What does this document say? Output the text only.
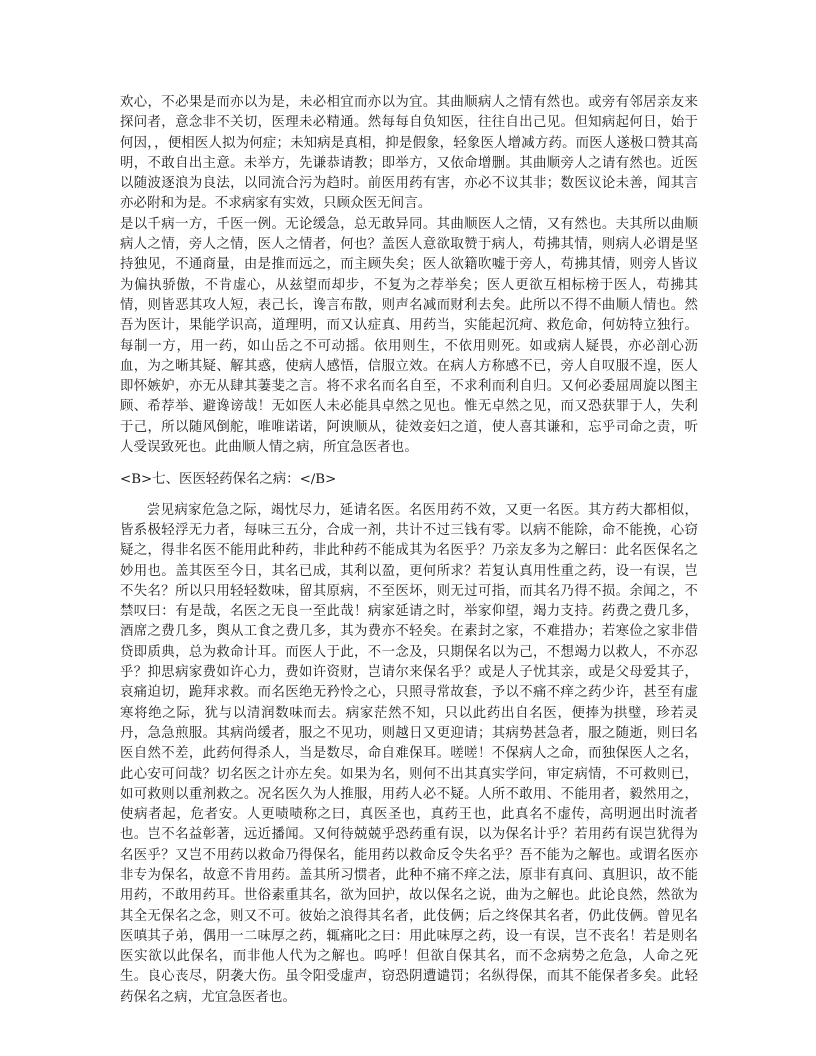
欢心，不必果是而亦以为是，未必相宜而亦以为宜。其曲顺病人之情有然也。或旁有邻居亲友来探问者，意念非不关切，医理未必精通。然每每自负知医，往往自出己见。但知病起何日，始于何因，，便相医人拟为何症；未知病是真相，抑是假象，轻象医人增减方药。而医人遂极口赞其高明，不敢自出主意。未举方，先谦恭请教；即举方，又依命增删。其曲顺旁人之请有然也。近医以随波逐浪为良法，以同流合污为趋时。前医用药有害，亦必不议其非；数医议论未善，闻其言亦必附和为是。不求病家有实效，只顾众医无间言。

是以千病一方，千医一例。无论缓急，总无敢异同。其曲顺医人之情，又有然也。夫其所以曲顺病人之情，旁人之情，医人之情者，何也？盖医人意欲取赞于病人，苟拂其情，则病人必谓是坚持独见，不通商量，由是推而远之，而主顾失矣；医人欲籍吹嘘于旁人，苟拂其情，则旁人皆议为偏执骄傲，不肯虚心，从兹望而却步，不复为之荐举矣；医人更欲互相标榜于医人，苟拂其情，则皆恶其攻人短，表己长，谗言布散，则声名减而财利去矣。此所以不得不曲顺人情也。然吾为医计，果能学识高，道理明，而又认症真、用药当，实能起沉疴、救危命，何妨特立独行。每制一方，用一药，如山岳之不可动摇。依用则生，不依用则死。如或病人疑畏，亦必剖心沥血，为之晰其疑、解其惑，使病人感悟，信服立效。在病人方称感不已，旁人自叹服不遑，医人即怀嫉妒，亦无从肆其萋斐之言。将不求名而名自至，不求利而利自归。又何必委屈周旋以图主顾、希荐举、避谗谤哉！无如医人未必能具卓然之见也。惟无卓然之见，而又恐获罪于人，失利于己，所以随风倒舵，唯唯诺诺，阿谀顺从，徒效妾妇之道，使人喜其谦和，忘乎司命之责，听人受误致死也。此曲顺人情之病，所宜急医者也。

<B>七、医医轻药保名之病：</B>

尝见病家危急之际，竭忱尽力，延请名医。名医用药不效，又更一名医。其方药大都相似，皆系极轻浮无力者，每味三五分，合成一剂，共计不过三钱有零。以病不能除，命不能挽，心窃疑之，得非名医不能用此种药，非此种药不能成其为名医乎？乃亲友多为之解曰：此名医保名之妙用也。盖其医至今日，其名已成，其利以盈，更何所求？若复认真用性重之药，设一有误，岂不失名？所以只用轻轻数味，留其原病，不至医坏，则无过可指，而其名乃得不损。余闻之，不禁叹曰：有是哉，名医之无良一至此哉！病家延请之时，举家仰望，竭力支持。药费之费几多，酒席之费几多，舆从工食之费几多，其为费亦不轻矣。在素封之家，不难措办；若寒俭之家非借贷即质典，总为救命计耳。而医人于此，不一念及，只期保名以为己，不想竭力以救人，不亦忍乎？抑思病家费如许心力，费如许资财，岂请尔来保名乎？或是人子忧其亲，或是父母爱其子，哀痛迫切，跪拜求救。而名医绝无矜怜之心，只照寻常故套，予以不痛不痒之药少许，甚至有虚寒将绝之际，犹与以清润数味而去。病家茫然不知，只以此药出自名医，便捧为拱璧，珍若灵丹，急急煎服。其病尚缓者，服之不见功，则越日又更迎请；其病势甚急者，服之随逝，则曰名医自然不差，此药何得杀人，当是数尽，命自难保耳。嗟嗟！不保病人之命，而独保医人之名，此心安可问哉？切名医之计亦左矣。如果为名，则何不出其真实学问，审定病情，不可救则已，如可救则以重剂救之。况名医久为人推服，用药人必不疑。人所不敢用、不能用者，毅然用之，使病者起，危者安。人更啧啧称之曰，真医圣也，真药王也，此真名不虚传，高明迥出时流者也。岂不名益彰著，远近播闻。又何待兢兢乎恐药重有误，以为保名计乎？若用药有误岂犹得为名医乎？又岂不用药以救命乃得保名，能用药以救命反令失名乎？吾不能为之解也。或谓名医亦非专为保名，故意不肯用药。盖其所习惯者，此种不痛不痒之法，原非有真问、真胆识，故不能用药，不敢用药耳。世俗素重其名，欲为回护，故以保名之说，曲为之解也。此论良然，然欲为其全无保名之念，则又不可。彼始之浪得其名者，此伎俩；后之终保其名者，仍此伎俩。曾见名医嗔其子弟，偶用一二味厚之药，辄痛叱之曰：用此味厚之药，设一有误，岂不丧名！若是则名医实欲以此保名，而非他人代为之解也。呜呼！但欲自保其名，而不念病势之危急，人命之死生。良心丧尽，阴袭大伤。虽令阳受虚声，窃恐阴遭谴罚；名纵得保，而其不能保者多矣。此轻药保名之病，尤宜急医者也。
